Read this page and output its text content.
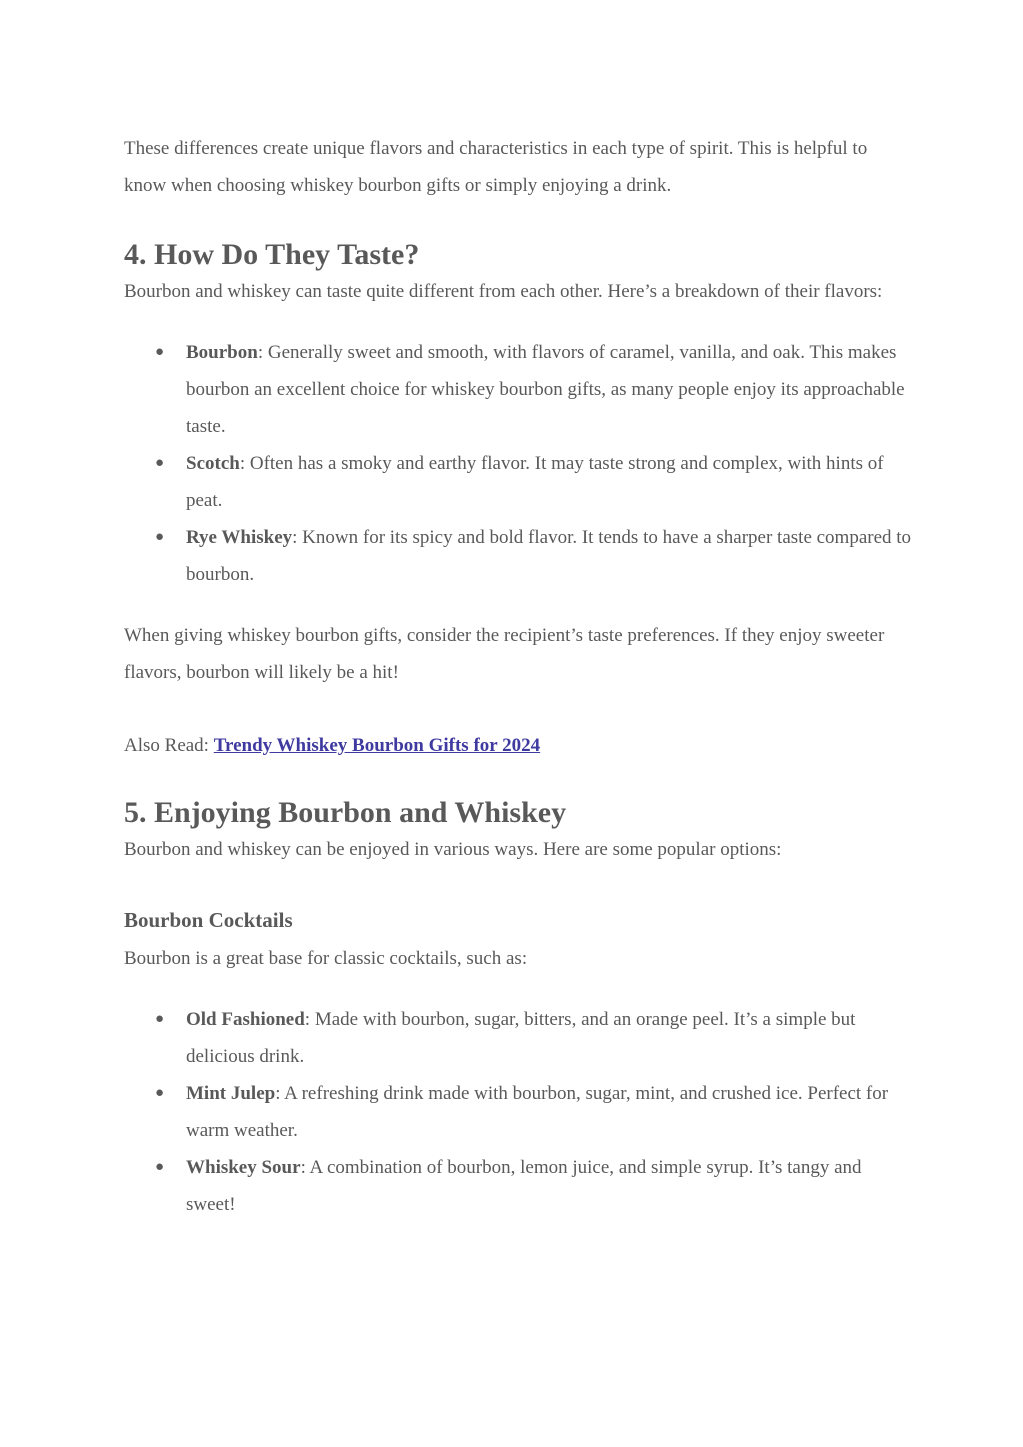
These differences create unique flavors and characteristics in each type of spirit. This is helpful to know when choosing whiskey bourbon gifts or simply enjoying a drink.

4. How Do They Taste?

Bourbon and whiskey can taste quite different from each other. Here’s a breakdown of their flavors:

● Bourbon: Generally sweet and smooth, with flavors of caramel, vanilla, and oak. This makes bourbon an excellent choice for whiskey bourbon gifts, as many people enjoy its approachable taste.
● Scotch: Often has a smoky and earthy flavor. It may taste strong and complex, with hints of peat.
● Rye Whiskey: Known for its spicy and bold flavor. It tends to have a sharper taste compared to bourbon.

When giving whiskey bourbon gifts, consider the recipient’s taste preferences. If they enjoy sweeter flavors, bourbon will likely be a hit!

Also Read: Trendy Whiskey Bourbon Gifts for 2024

5. Enjoying Bourbon and Whiskey

Bourbon and whiskey can be enjoyed in various ways. Here are some popular options:

Bourbon Cocktails

Bourbon is a great base for classic cocktails, such as:

● Old Fashioned: Made with bourbon, sugar, bitters, and an orange peel. It’s a simple but delicious drink.
● Mint Julep: A refreshing drink made with bourbon, sugar, mint, and crushed ice. Perfect for warm weather.
● Whiskey Sour: A combination of bourbon, lemon juice, and simple syrup. It’s tangy and sweet!
